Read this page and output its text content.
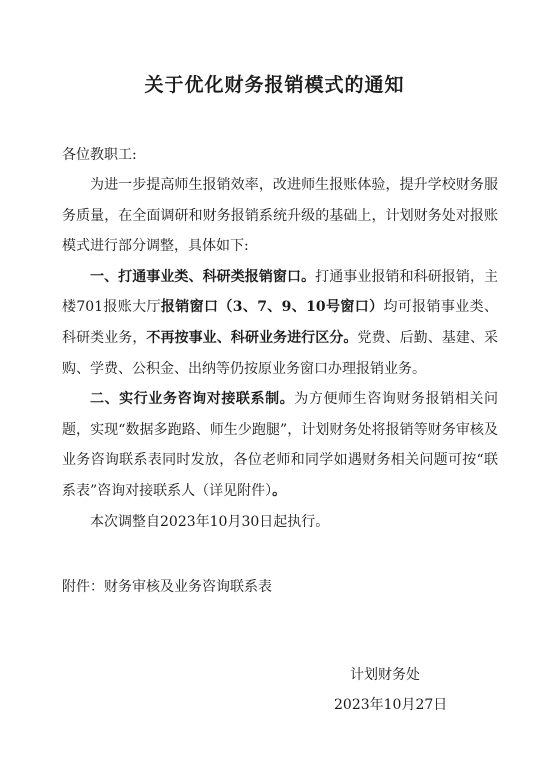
关于优化财务报销模式的通知
各位教职工:

为进一步提高师生报销效率，改进师生报账体验，提升学校财务服务质量，在全面调研和财务报销系统升级的基础上，计划财务处对报账模式进行部分调整，具体如下:

一、打通事业类、科研类报销窗口。打通事业报销和科研报销，主楼701报账大厅报销窗口（3、7、9、10号窗口）均可报销事业类、科研类业务，不再按事业、科研业务进行区分。党费、后勤、基建、采购、学费、公积金、出纳等仍按原业务窗口办理报销业务。

二、实行业务咨询对接联系制。为方便师生咨询财务报销相关问题，实现“数据多跑路、师生少跑腿”，计划财务处将报销等财务审核及业务咨询联系表同时发放，各位老师和同学如遇财务相关问题可按“联系表”咨询对接联系人（详见附件）。

本次调整自2023年10月30日起执行。

附件：财务审核及业务咨询联系表
计划财务处
2023年10月27日
